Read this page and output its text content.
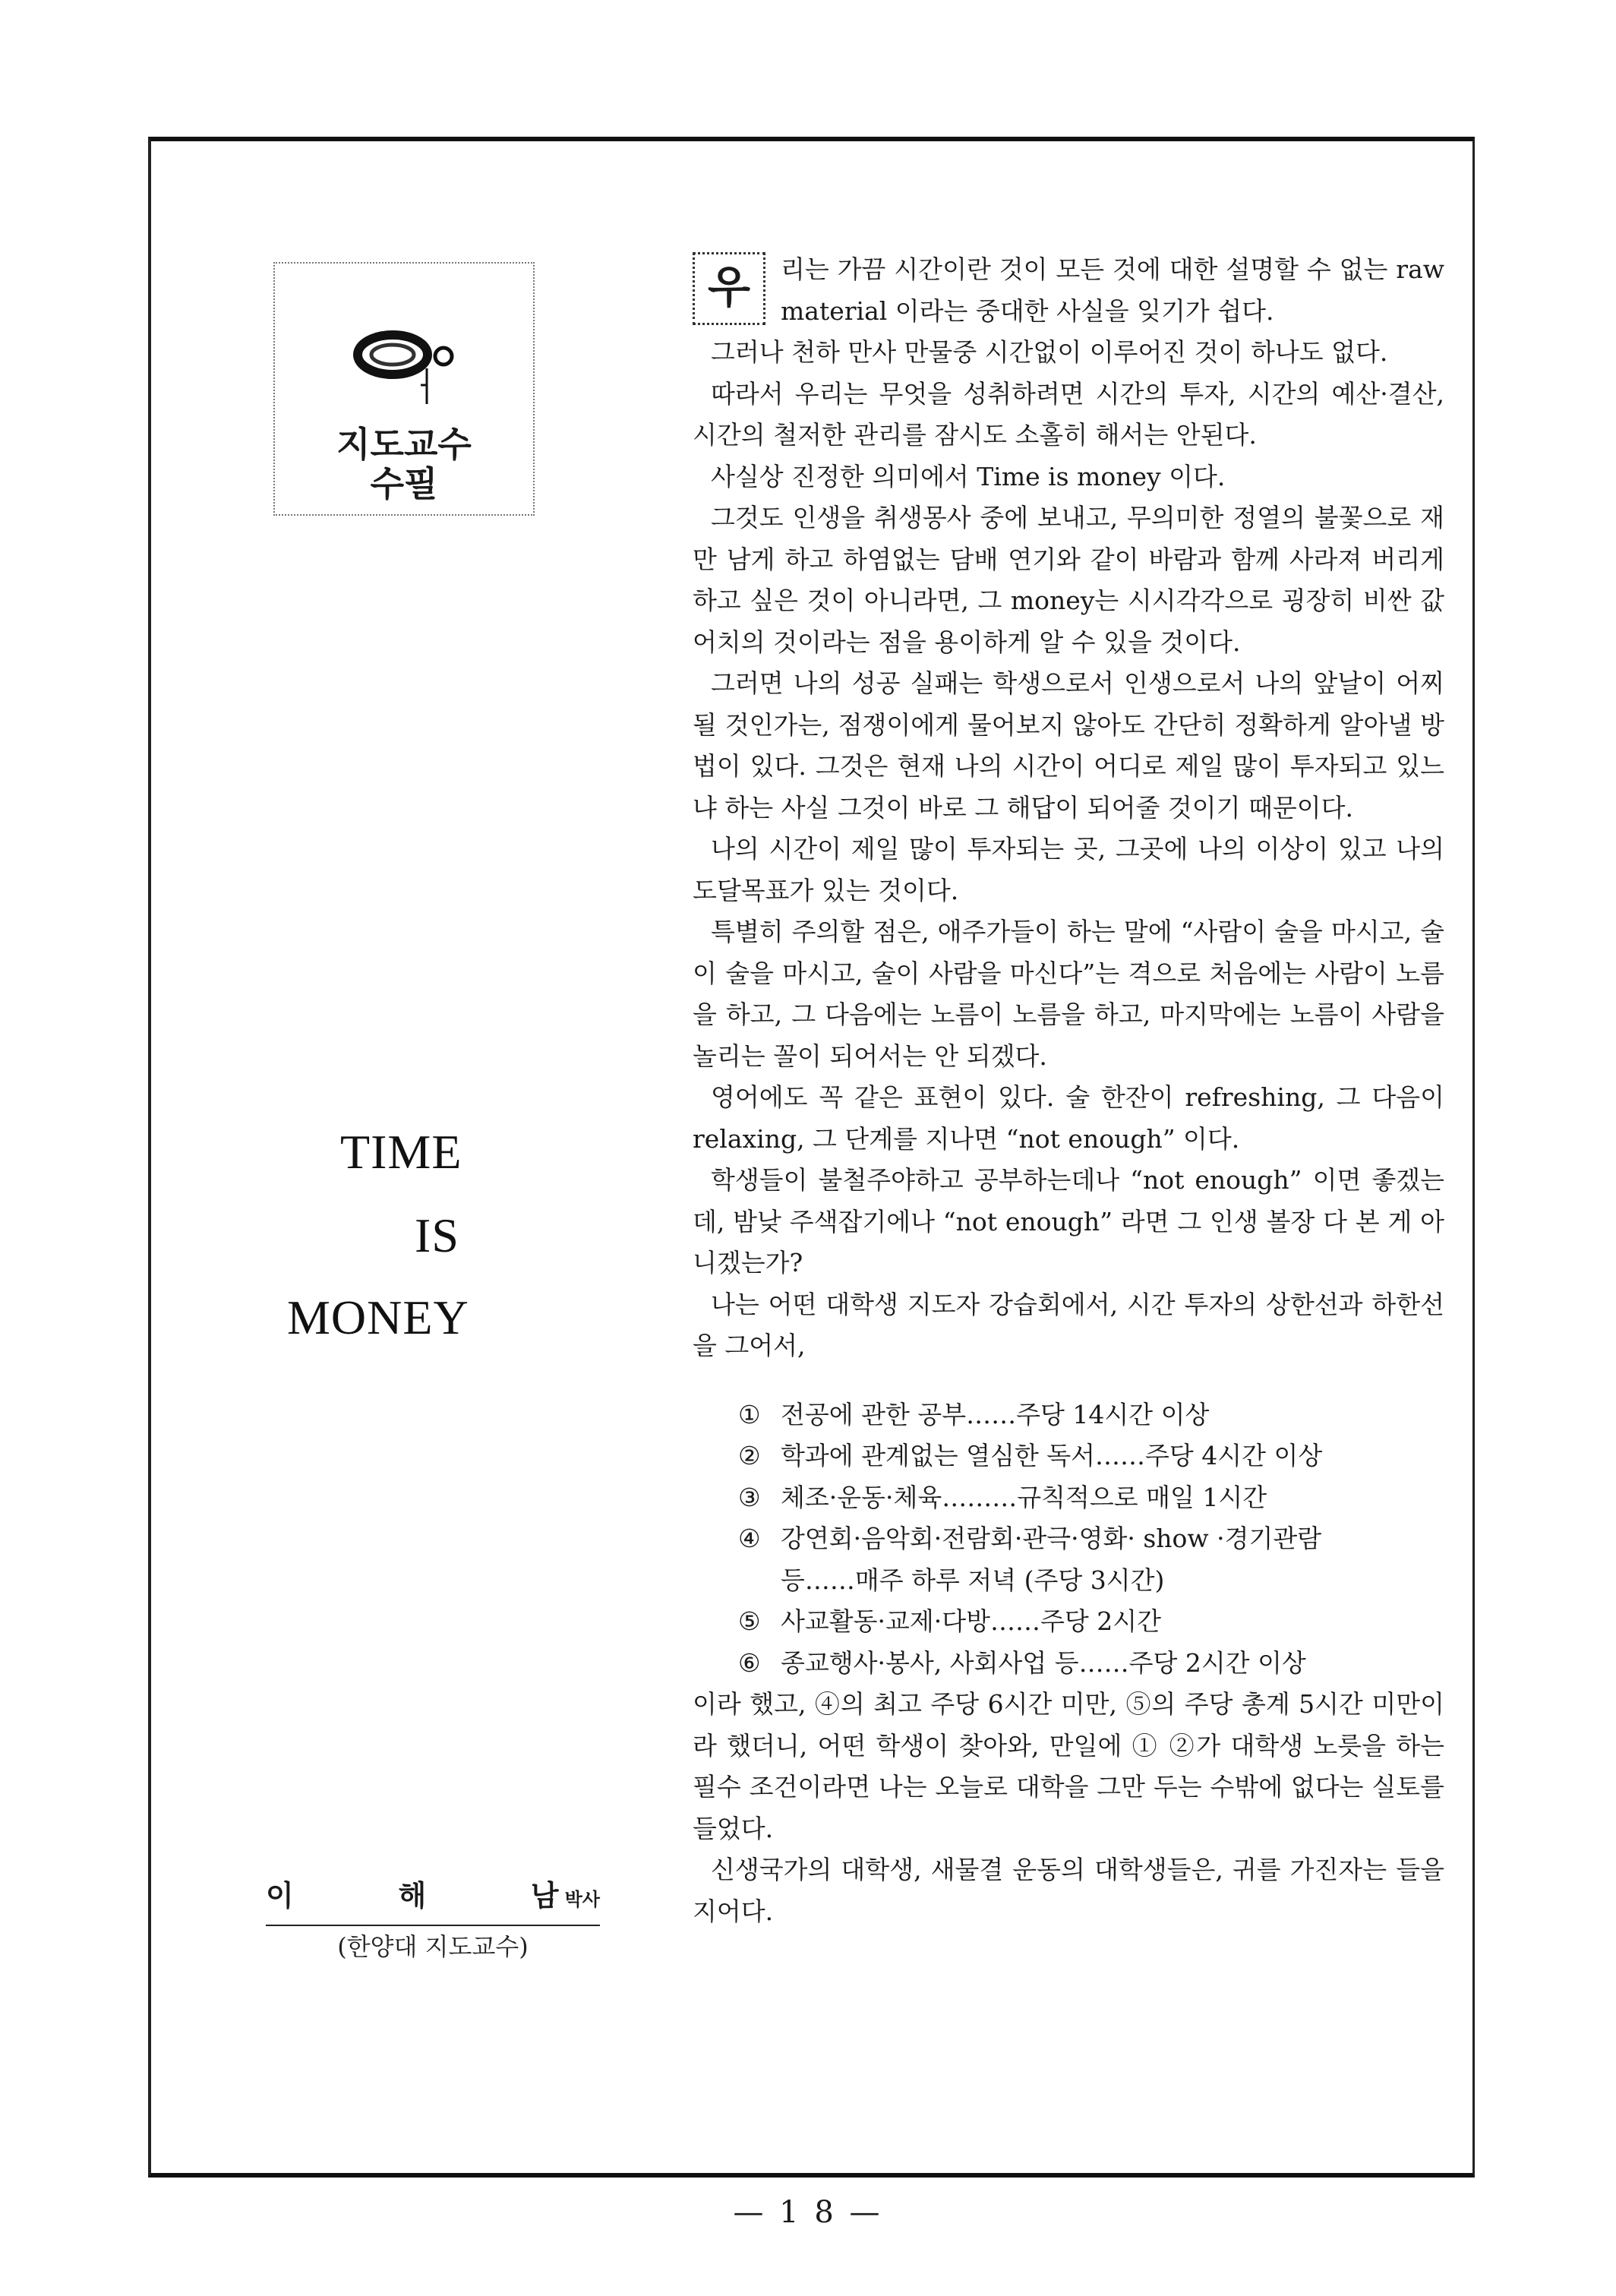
지도교수
수필
TIME
IS
MONEY
이	해	남박사
(한양대 지도교수)

우	리는 가끔 시간이란 것이 모든 것에 대한 설명할 수 없는 raw material 이라는 중대한 사실을 잊기가 쉽다.

그러나 천하 만사 만물중 시간없이 이루어진 것이 하나도 없다.

따라서 우리는 무엇을 성취하려면 시간의 투자, 시간의 예산·결산, 시간의 철저한 관리를 잠시도 소홀히 해서는 안된다.

사실상 진정한 의미에서 Time is money 이다.

그것도 인생을 취생몽사 중에 보내고, 무의미한 정열의 불꽃으로 재만 남게 하고 하염없는 담배 연기와 같이 바람과 함께 사라져 버리게 하고 싶은 것이 아니라면, 그 money는 시시각각으로 굉장히 비싼 값어치의 것이라는 점을 용이하게 알 수 있을 것이다.

그러면 나의 성공 실패는 학생으로서 인생으로서 나의 앞날이 어찌 될 것인가는, 점쟁이에게 물어보지 않아도 간단히 정확하게 알아낼 방법이 있다. 그것은 현재 나의 시간이 어디로 제일 많이 투자되고 있느냐 하는 사실 그것이 바로 그 해답이 되어줄 것이기 때문이다.

나의 시간이 제일 많이 투자되는 곳, 그곳에 나의 이상이 있고 나의 도달목표가 있는 것이다.

특별히 주의할 점은, 애주가들이 하는 말에 “사람이 술을 마시고, 술이 술을 마시고, 술이 사람을 마신다”는 격으로 처음에는 사람이 노름을 하고, 그 다음에는 노름이 노름을 하고, 마지막에는 노름이 사람을 놀리는 꼴이 되어서는 안 되겠다.

영어에도 꼭 같은 표현이 있다. 술 한잔이 refreshing, 그 다음이 relaxing, 그 단계를 지나면 “not enough” 이다.

학생들이 불철주야하고 공부하는데나 “not enough” 이면 좋겠는데, 밤낮 주색잡기에나 “not enough” 라면 그 인생 볼장 다 본 게 아니겠는가?

나는 어떤 대학생 지도자 강습회에서, 시간 투자의 상한선과 하한선을 그어서,

① 전공에 관한 공부……주당 14시간 이상
② 학과에 관계없는 열심한 독서……주당 4시간 이상
③ 체조·운동·체육………규칙적으로 매일 1시간
④ 강연회·음악회·전람회·관극·영화· show ·경기관람
등……매주 하루 저녁 (주당 3시간)
⑤ 사교활동·교제·다방……주당 2시간
⑥ 종교행사·봉사, 사회사업 등……주당 2시간 이상

이라 했고, ④의 최고 주당 6시간 미만, ⑤의 주당 총계 5시간 미만이라 했더니, 어떤 학생이 찾아와, 만일에 ① ②가 대학생 노릇을 하는 필수 조건이라면 나는 오늘로 대학을 그만 두는 수밖에 없다는 실토를 들었다.

신생국가의 대학생, 새물결 운동의 대학생들은, 귀를 가진자는 들을 지어다.

— 1 8 —
